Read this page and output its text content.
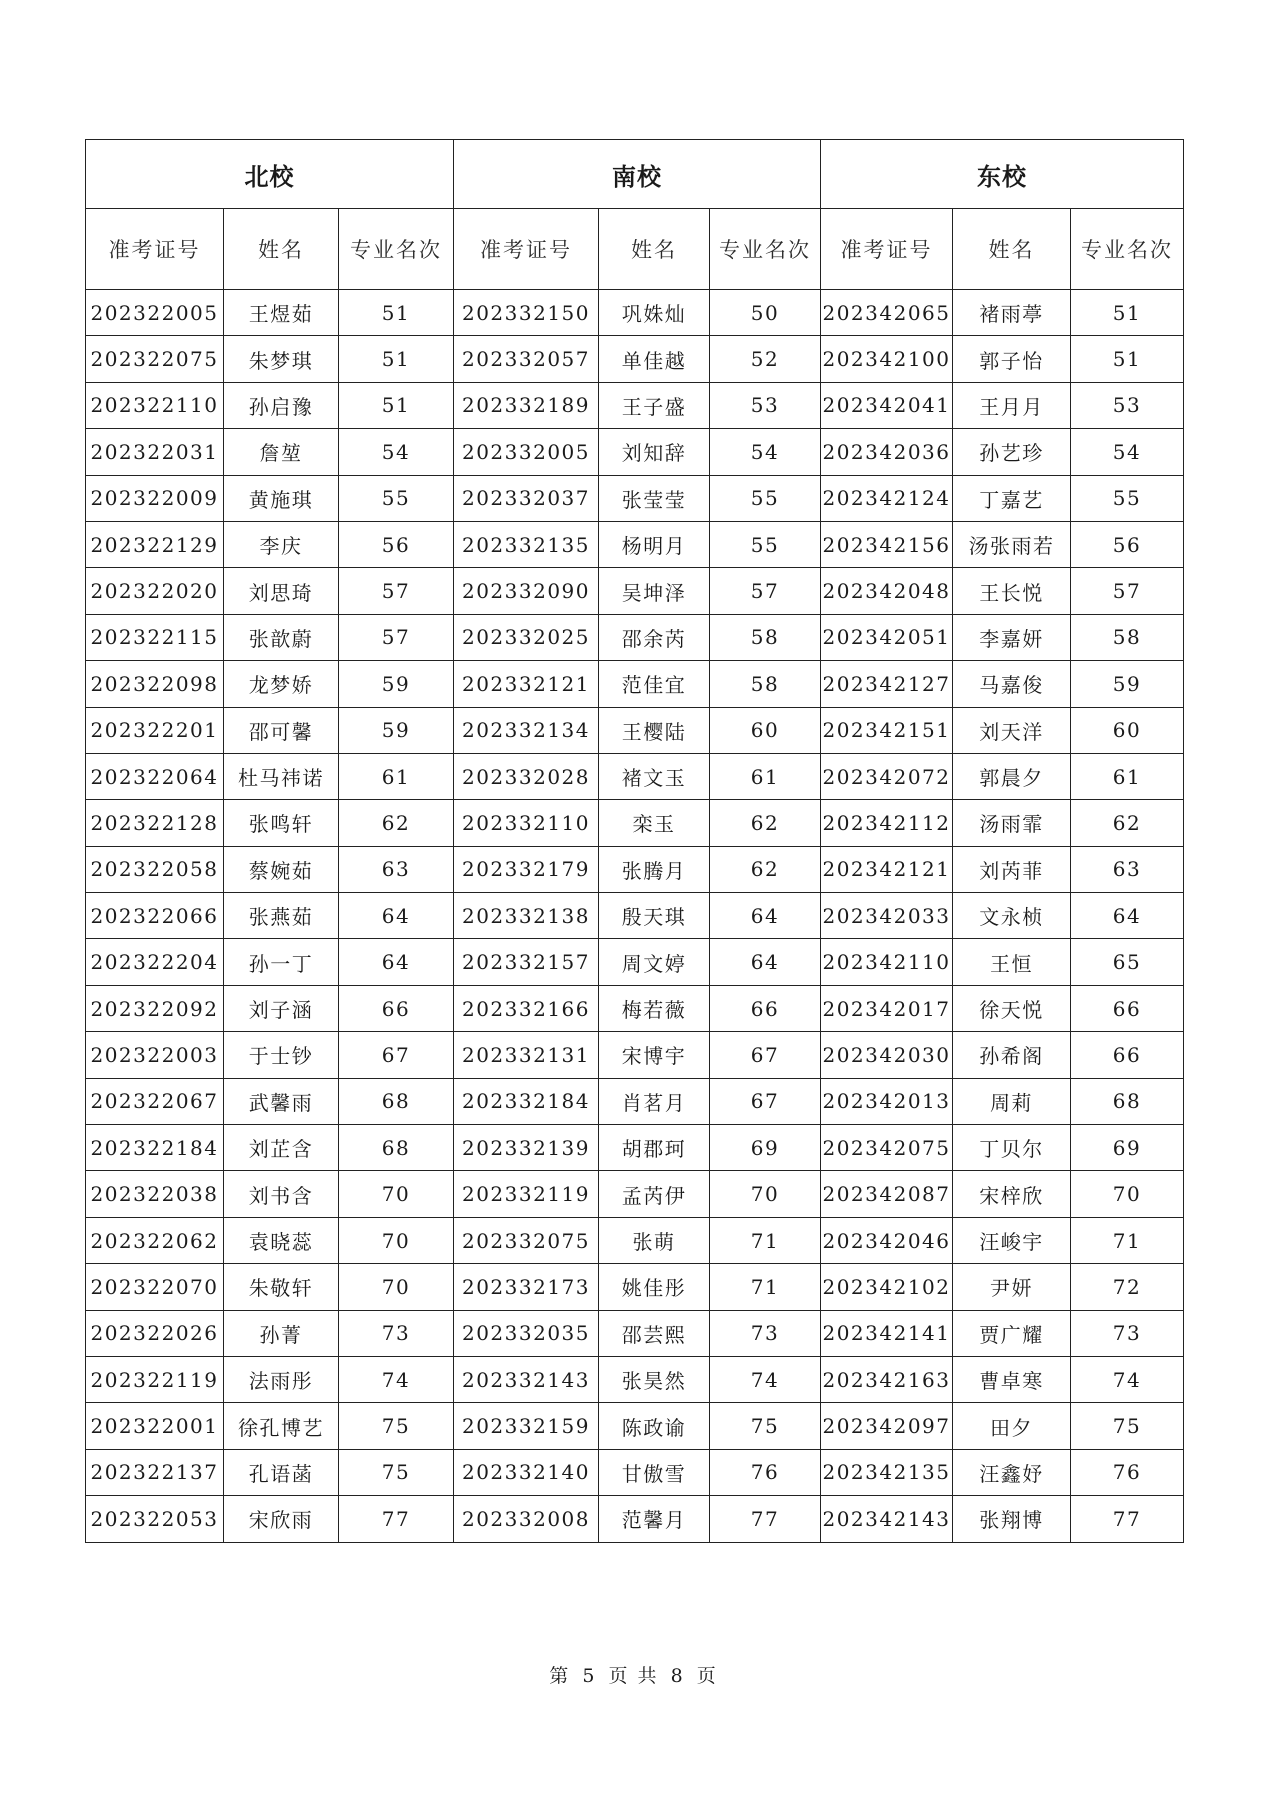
北校			南校			东校		
准考证号	姓名	专业名次	准考证号	姓名	专业名次	准考证号	姓名	专业名次
202322005	王煜茹	51	202332150	巩姝灿	50	202342065	褚雨葶	51
202322075	朱梦琪	51	202332057	单佳越	52	202342100	郭子怡	51
202322110	孙启豫	51	202332189	王子盛	53	202342041	王月月	53
202322031	詹堃	54	202332005	刘知辞	54	202342036	孙艺珍	54
202322009	黄施琪	55	202332037	张莹莹	55	202342124	丁嘉艺	55
202322129	李庆	56	202332135	杨明月	55	202342156	汤张雨若	56
202322020	刘思琦	57	202332090	吴坤泽	57	202342048	王长悦	57
202322115	张歆蔚	57	202332025	邵余芮	58	202342051	李嘉妍	58
202322098	龙梦娇	59	202332121	范佳宜	58	202342127	马嘉俊	59
202322201	邵可馨	59	202332134	王樱陆	60	202342151	刘天洋	60
202322064	杜马祎诺	61	202332028	褚文玉	61	202342072	郭晨夕	61
202322128	张鸣轩	62	202332110	栾玉	62	202342112	汤雨霏	62
202322058	蔡婉茹	63	202332179	张腾月	62	202342121	刘芮菲	63
202322066	张燕茹	64	202332138	殷天琪	64	202342033	文永桢	64
202322204	孙一丁	64	202332157	周文婷	64	202342110	王恒	65
202322092	刘子涵	66	202332166	梅若薇	66	202342017	徐天悦	66
202322003	于士钞	67	202332131	宋博宇	67	202342030	孙希阁	66
202322067	武馨雨	68	202332184	肖茗月	67	202342013	周莉	68
202322184	刘芷含	68	202332139	胡郡珂	69	202342075	丁贝尔	69
202322038	刘书含	70	202332119	孟芮伊	70	202342087	宋梓欣	70
202322062	袁晓蕊	70	202332075	张萌	71	202342046	汪峻宇	71
202322070	朱敬轩	70	202332173	姚佳彤	71	202342102	尹妍	72
202322026	孙菁	73	202332035	邵芸熙	73	202342141	贾广耀	73
202322119	法雨彤	74	202332143	张昊然	74	202342163	曹卓寒	74
202322001	徐孔博艺	75	202332159	陈政谕	75	202342097	田夕	75
202322137	孔语菡	75	202332140	甘傲雪	76	202342135	汪鑫妤	76
202322053	宋欣雨	77	202332008	范馨月	77	202342143	张翔博	77
第 5 页 共 8 页
